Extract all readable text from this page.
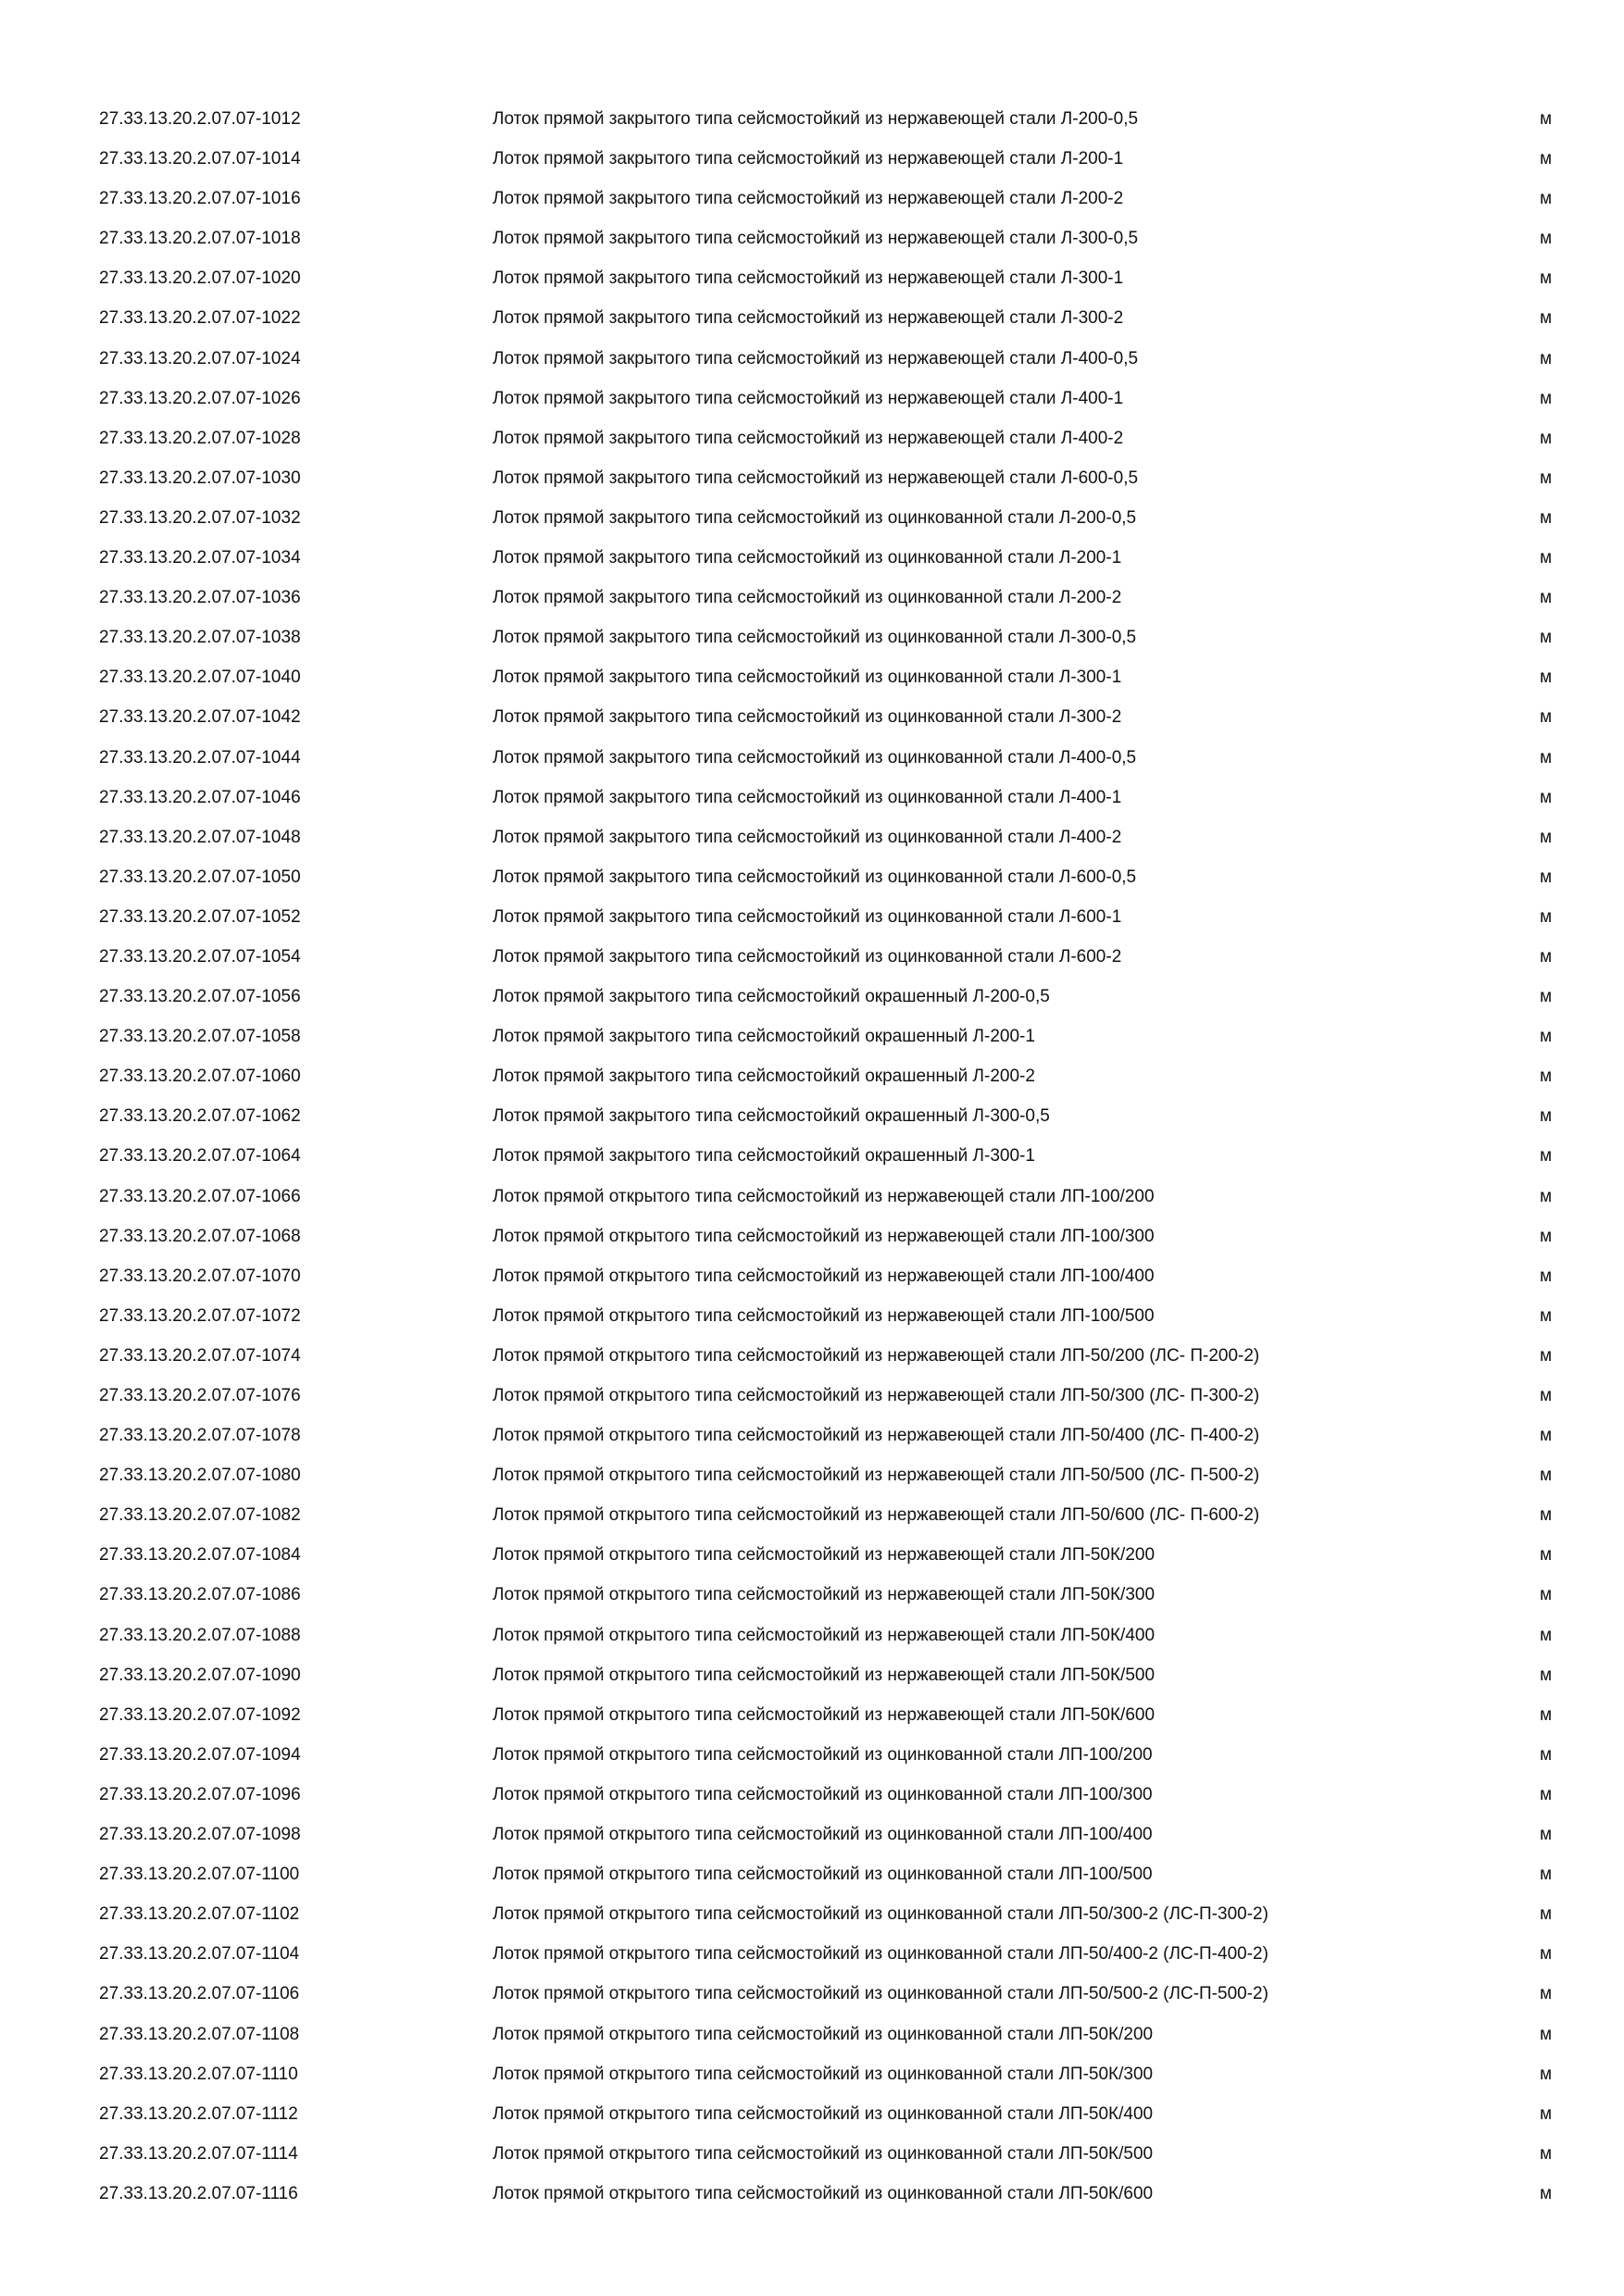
27.33.13.20.2.07.07-1012	Лоток прямой закрытого типа сейсмостойкий из нержавеющей стали Л-200-0,5	м
27.33.13.20.2.07.07-1014	Лоток прямой закрытого типа сейсмостойкий из нержавеющей стали Л-200-1	м
27.33.13.20.2.07.07-1016	Лоток прямой закрытого типа сейсмостойкий из нержавеющей стали Л-200-2	м
27.33.13.20.2.07.07-1018	Лоток прямой закрытого типа сейсмостойкий из нержавеющей стали Л-300-0,5	м
27.33.13.20.2.07.07-1020	Лоток прямой закрытого типа сейсмостойкий из нержавеющей стали Л-300-1	м
27.33.13.20.2.07.07-1022	Лоток прямой закрытого типа сейсмостойкий из нержавеющей стали Л-300-2	м
27.33.13.20.2.07.07-1024	Лоток прямой закрытого типа сейсмостойкий из нержавеющей стали Л-400-0,5	м
27.33.13.20.2.07.07-1026	Лоток прямой закрытого типа сейсмостойкий из нержавеющей стали Л-400-1	м
27.33.13.20.2.07.07-1028	Лоток прямой закрытого типа сейсмостойкий из нержавеющей стали Л-400-2	м
27.33.13.20.2.07.07-1030	Лоток прямой закрытого типа сейсмостойкий из нержавеющей стали Л-600-0,5	м
27.33.13.20.2.07.07-1032	Лоток прямой закрытого типа сейсмостойкий из оцинкованной стали Л-200-0,5	м
27.33.13.20.2.07.07-1034	Лоток прямой закрытого типа сейсмостойкий из оцинкованной стали Л-200-1	м
27.33.13.20.2.07.07-1036	Лоток прямой закрытого типа сейсмостойкий из оцинкованной стали Л-200-2	м
27.33.13.20.2.07.07-1038	Лоток прямой закрытого типа сейсмостойкий из оцинкованной стали Л-300-0,5	м
27.33.13.20.2.07.07-1040	Лоток прямой закрытого типа сейсмостойкий из оцинкованной стали Л-300-1	м
27.33.13.20.2.07.07-1042	Лоток прямой закрытого типа сейсмостойкий из оцинкованной стали Л-300-2	м
27.33.13.20.2.07.07-1044	Лоток прямой закрытого типа сейсмостойкий из оцинкованной стали Л-400-0,5	м
27.33.13.20.2.07.07-1046	Лоток прямой закрытого типа сейсмостойкий из оцинкованной стали Л-400-1	м
27.33.13.20.2.07.07-1048	Лоток прямой закрытого типа сейсмостойкий из оцинкованной стали Л-400-2	м
27.33.13.20.2.07.07-1050	Лоток прямой закрытого типа сейсмостойкий из оцинкованной стали Л-600-0,5	м
27.33.13.20.2.07.07-1052	Лоток прямой закрытого типа сейсмостойкий из оцинкованной стали Л-600-1	м
27.33.13.20.2.07.07-1054	Лоток прямой закрытого типа сейсмостойкий из оцинкованной стали Л-600-2	м
27.33.13.20.2.07.07-1056	Лоток прямой закрытого типа сейсмостойкий окрашенный Л-200-0,5	м
27.33.13.20.2.07.07-1058	Лоток прямой закрытого типа сейсмостойкий окрашенный Л-200-1	м
27.33.13.20.2.07.07-1060	Лоток прямой закрытого типа сейсмостойкий окрашенный Л-200-2	м
27.33.13.20.2.07.07-1062	Лоток прямой закрытого типа сейсмостойкий окрашенный Л-300-0,5	м
27.33.13.20.2.07.07-1064	Лоток прямой закрытого типа сейсмостойкий окрашенный Л-300-1	м
27.33.13.20.2.07.07-1066	Лоток прямой открытого типа сейсмостойкий из нержавеющей стали ЛП-100/200	м
27.33.13.20.2.07.07-1068	Лоток прямой открытого типа сейсмостойкий из нержавеющей стали ЛП-100/300	м
27.33.13.20.2.07.07-1070	Лоток прямой открытого типа сейсмостойкий из нержавеющей стали ЛП-100/400	м
27.33.13.20.2.07.07-1072	Лоток прямой открытого типа сейсмостойкий из нержавеющей стали ЛП-100/500	м
27.33.13.20.2.07.07-1074	Лоток прямой открытого типа сейсмостойкий из нержавеющей стали ЛП-50/200 (ЛС- П-200-2)	м
27.33.13.20.2.07.07-1076	Лоток прямой открытого типа сейсмостойкий из нержавеющей стали ЛП-50/300 (ЛС- П-300-2)	м
27.33.13.20.2.07.07-1078	Лоток прямой открытого типа сейсмостойкий из нержавеющей стали ЛП-50/400 (ЛС- П-400-2)	м
27.33.13.20.2.07.07-1080	Лоток прямой открытого типа сейсмостойкий из нержавеющей стали ЛП-50/500 (ЛС- П-500-2)	м
27.33.13.20.2.07.07-1082	Лоток прямой открытого типа сейсмостойкий из нержавеющей стали ЛП-50/600 (ЛС- П-600-2)	м
27.33.13.20.2.07.07-1084	Лоток прямой открытого типа сейсмостойкий из нержавеющей стали ЛП-50К/200	м
27.33.13.20.2.07.07-1086	Лоток прямой открытого типа сейсмостойкий из нержавеющей стали ЛП-50К/300	м
27.33.13.20.2.07.07-1088	Лоток прямой открытого типа сейсмостойкий из нержавеющей стали ЛП-50К/400	м
27.33.13.20.2.07.07-1090	Лоток прямой открытого типа сейсмостойкий из нержавеющей стали ЛП-50К/500	м
27.33.13.20.2.07.07-1092	Лоток прямой открытого типа сейсмостойкий из нержавеющей стали ЛП-50К/600	м
27.33.13.20.2.07.07-1094	Лоток прямой открытого типа сейсмостойкий из оцинкованной стали ЛП-100/200	м
27.33.13.20.2.07.07-1096	Лоток прямой открытого типа сейсмостойкий из оцинкованной стали ЛП-100/300	м
27.33.13.20.2.07.07-1098	Лоток прямой открытого типа сейсмостойкий из оцинкованной стали ЛП-100/400	м
27.33.13.20.2.07.07-1100	Лоток прямой открытого типа сейсмостойкий из оцинкованной стали ЛП-100/500	м
27.33.13.20.2.07.07-1102	Лоток прямой открытого типа сейсмостойкий из оцинкованной стали ЛП-50/300-2 (ЛС-П-300-2)	м
27.33.13.20.2.07.07-1104	Лоток прямой открытого типа сейсмостойкий из оцинкованной стали ЛП-50/400-2 (ЛС-П-400-2)	м
27.33.13.20.2.07.07-1106	Лоток прямой открытого типа сейсмостойкий из оцинкованной стали ЛП-50/500-2 (ЛС-П-500-2)	м
27.33.13.20.2.07.07-1108	Лоток прямой открытого типа сейсмостойкий из оцинкованной стали ЛП-50К/200	м
27.33.13.20.2.07.07-1110	Лоток прямой открытого типа сейсмостойкий из оцинкованной стали ЛП-50К/300	м
27.33.13.20.2.07.07-1112	Лоток прямой открытого типа сейсмостойкий из оцинкованной стали ЛП-50К/400	м
27.33.13.20.2.07.07-1114	Лоток прямой открытого типа сейсмостойкий из оцинкованной стали ЛП-50К/500	м
27.33.13.20.2.07.07-1116	Лоток прямой открытого типа сейсмостойкий из оцинкованной стали ЛП-50К/600	м
